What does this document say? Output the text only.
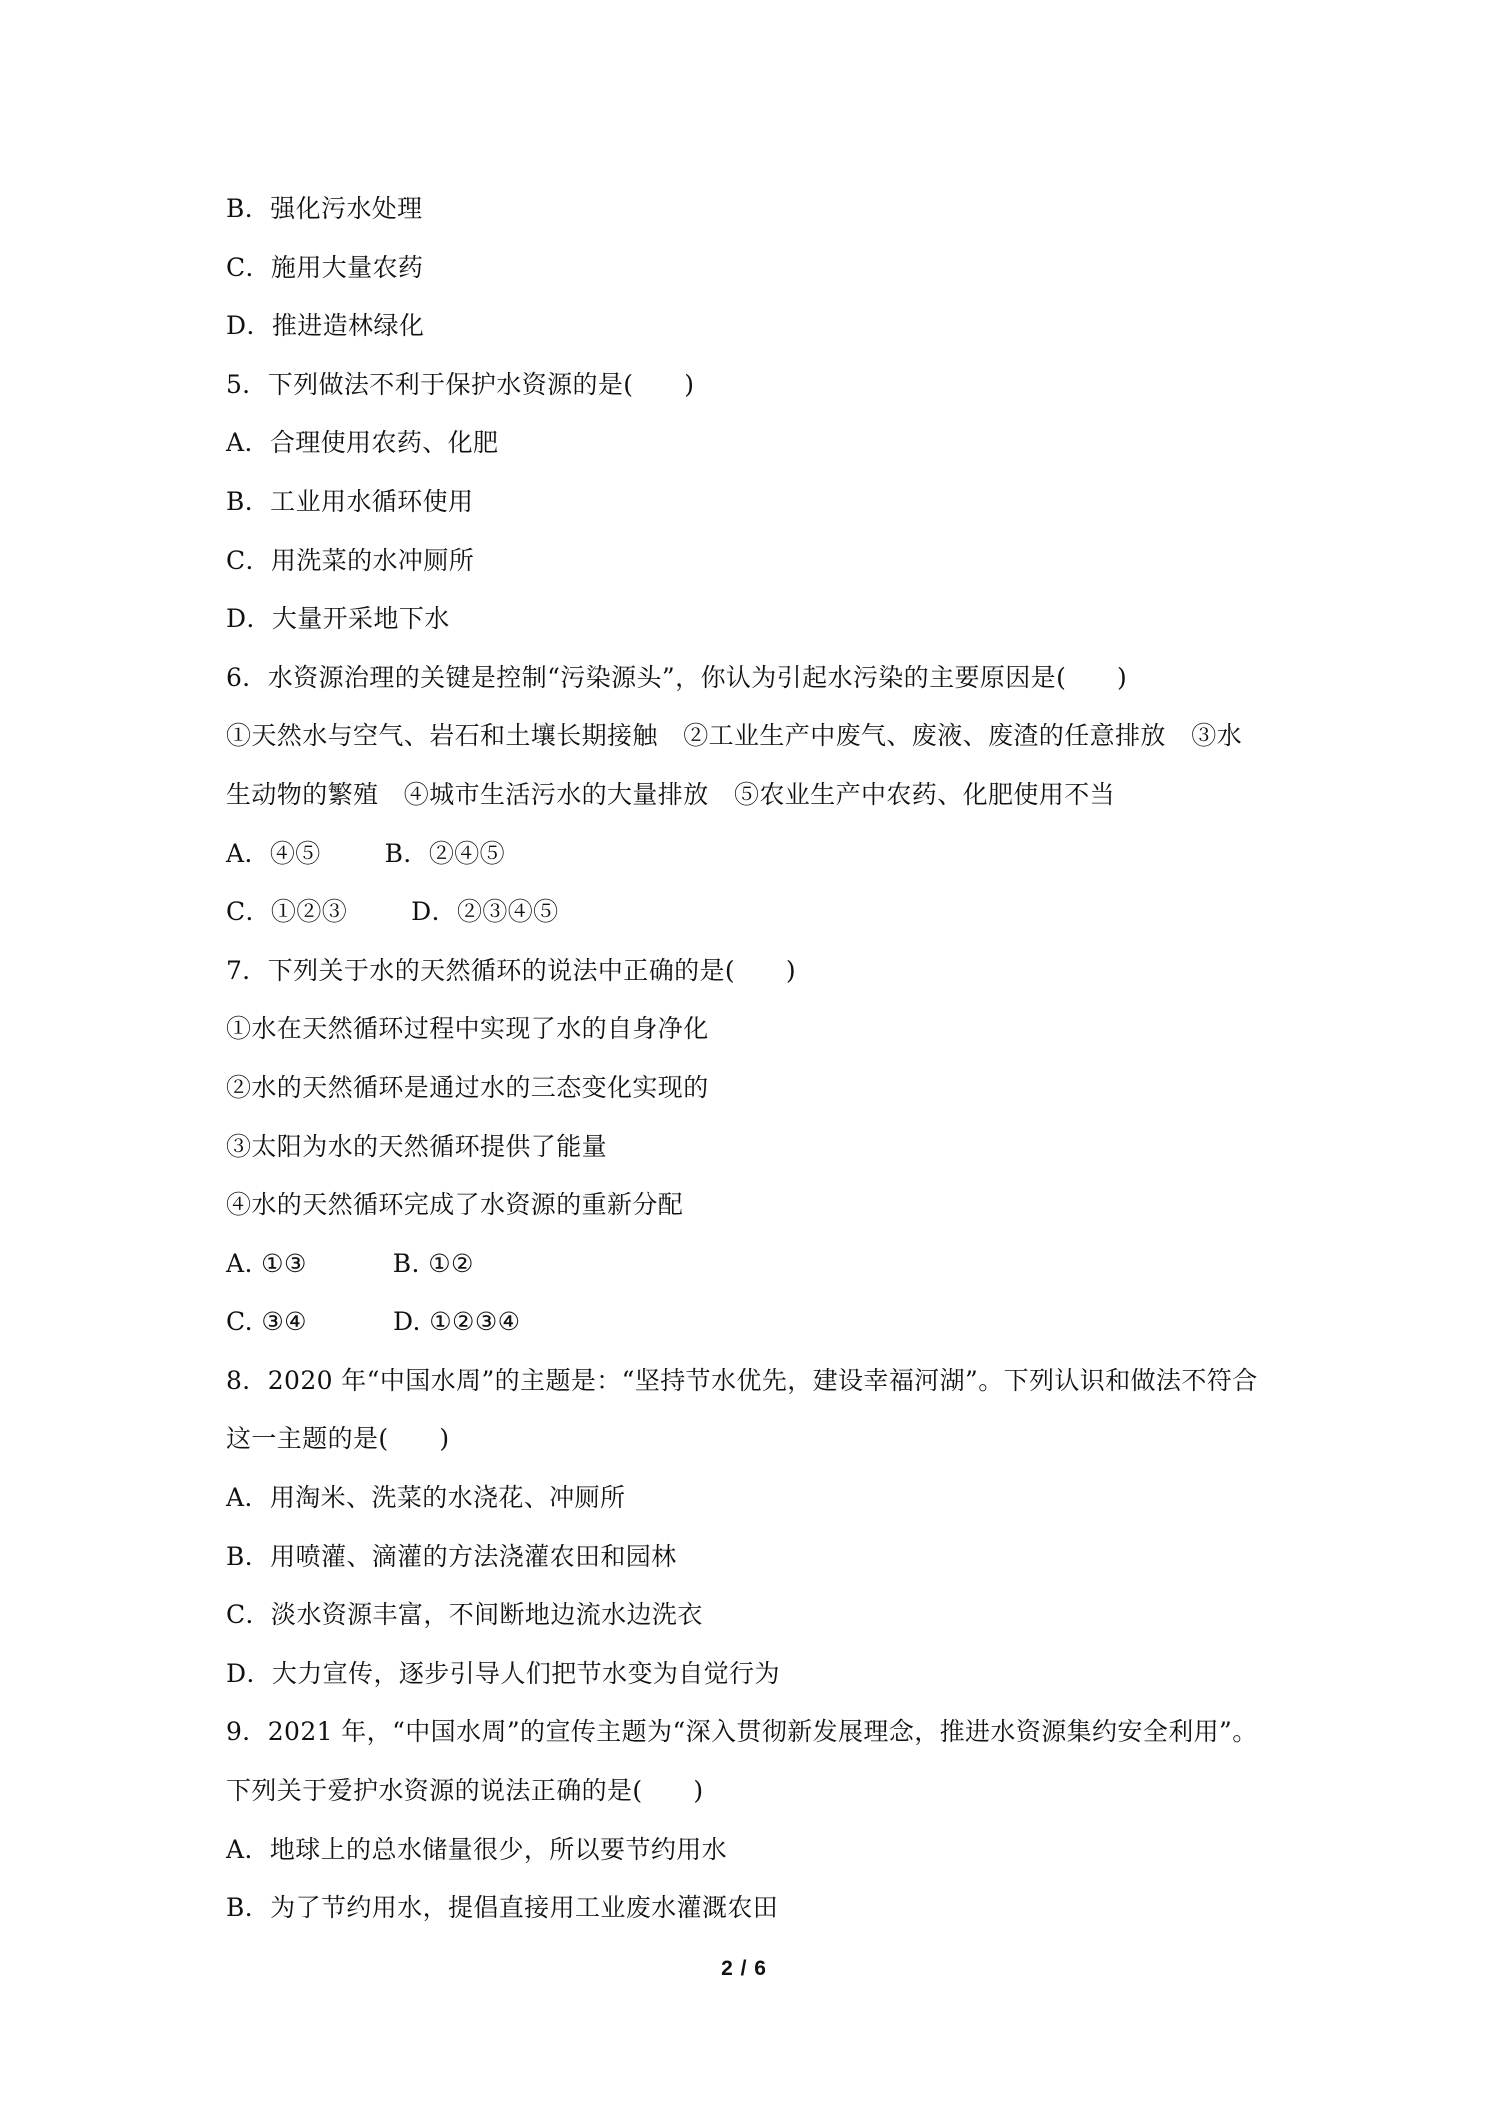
B．强化污水处理
C．施用大量农药
D．推进造林绿化
5．下列做法不利于保护水资源的是(　　)
A．合理使用农药、化肥
B．工业用水循环使用
C．用洗菜的水冲厕所
D．大量开采地下水
6．水资源治理的关键是控制“污染源头”，你认为引起水污染的主要原因是(　　)
①天然水与空气、岩石和土壤长期接触　②工业生产中废气、废液、废渣的任意排放　③水
生动物的繁殖　④城市生活污水的大量排放　⑤农业生产中农药、化肥使用不当
A．④⑤	B．②④⑤
C．①②③	D．②③④⑤
7．下列关于水的天然循环的说法中正确的是(　　)
①水在天然循环过程中实现了水的自身净化
②水的天然循环是通过水的三态变化实现的
③太阳为水的天然循环提供了能量
④水的天然循环完成了水资源的重新分配
A. ①③	B. ①②
C. ③④	D. ①②③④
8．2020 年“中国水周”的主题是：“坚持节水优先，建设幸福河湖”。下列认识和做法不符合
这一主题的是(　　)
A．用淘米、洗菜的水浇花、冲厕所
B．用喷灌、滴灌的方法浇灌农田和园林
C．淡水资源丰富，不间断地边流水边洗衣
D．大力宣传，逐步引导人们把节水变为自觉行为
9．2021 年，“中国水周”的宣传主题为“深入贯彻新发展理念，推进水资源集约安全利用”。
下列关于爱护水资源的说法正确的是(　　)
A．地球上的总水储量很少，所以要节约用水
B．为了节约用水，提倡直接用工业废水灌溉农田
2 / 6
